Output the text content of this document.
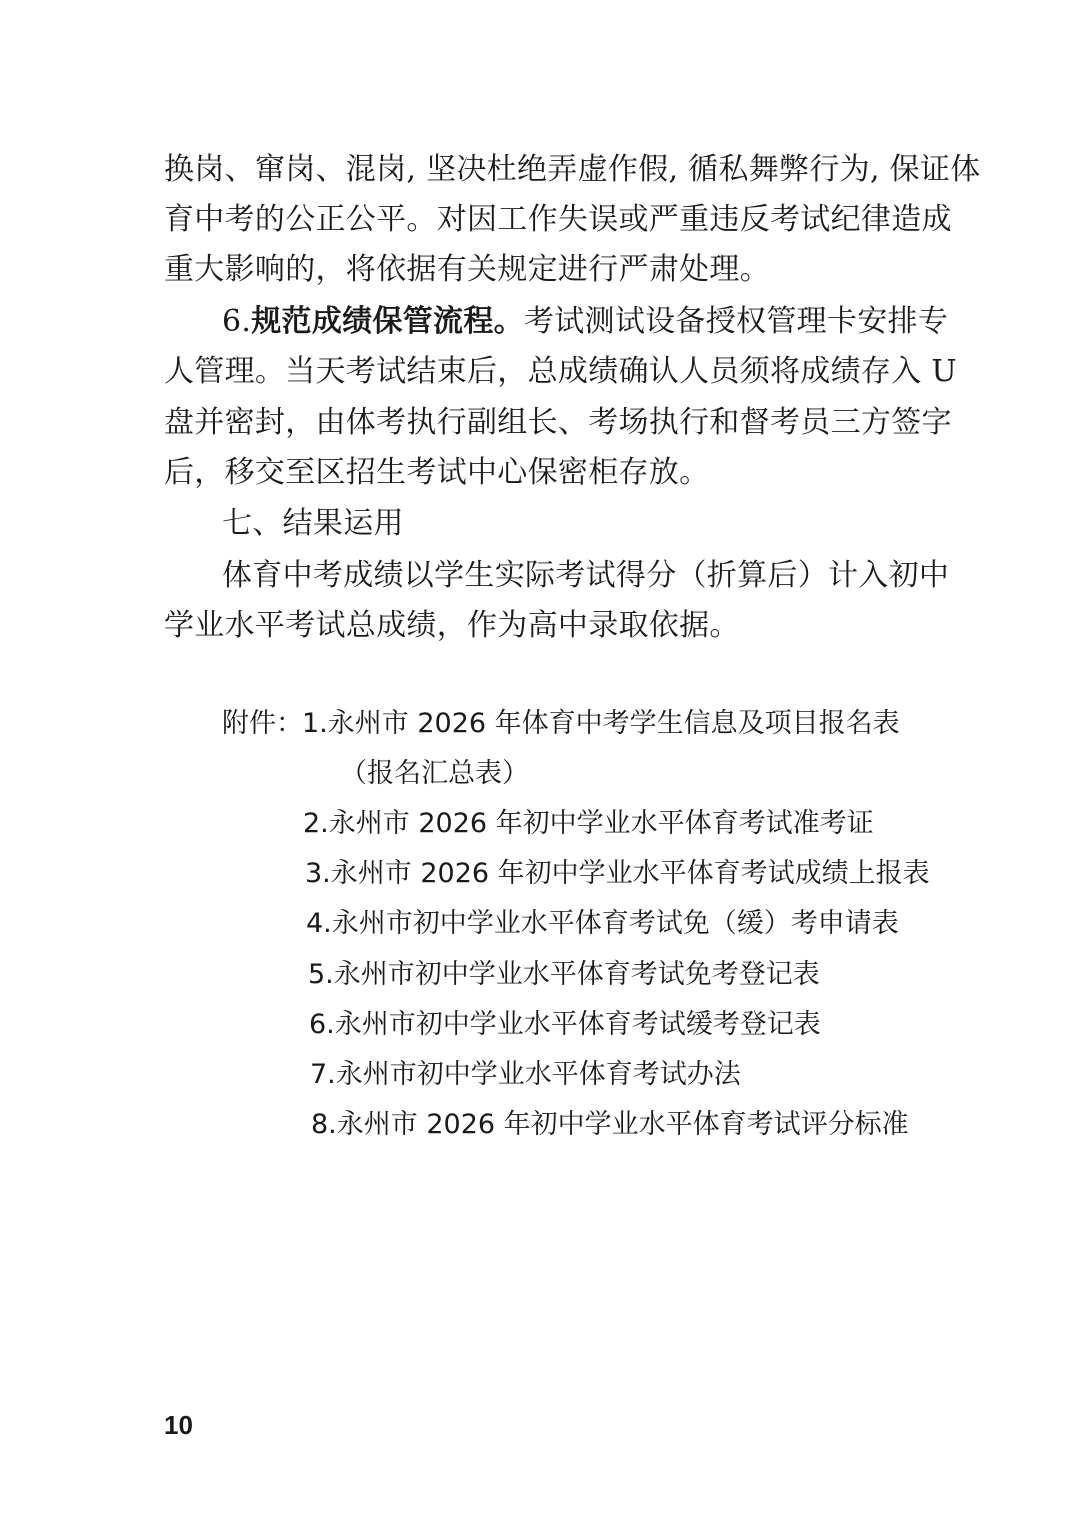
换岗、窜岗、混岗, 坚决杜绝弄虚作假, 循私舞弊行为, 保证体
育中考的公正公平。对因工作失误或严重违反考试纪律造成
重大影响的，将依据有关规定进行严肃处理。
6.规范成绩保管流程。考试测试设备授权管理卡安排专
人管理。当天考试结束后，总成绩确认人员须将成绩存入 U
盘并密封，由体考执行副组长、考场执行和督考员三方签字
后，移交至区招生考试中心保密柜存放。
七、结果运用
体育中考成绩以学生实际考试得分（折算后）计入初中
学业水平考试总成绩，作为高中录取依据。
附件： 1.永州市 2026 年体育中考学生信息及项目报名表
（报名汇总表）
2.永州市 2026 年初中学业水平体育考试准考证
3.永州市 2026 年初中学业水平体育考试成绩上报表
4.永州市初中学业水平体育考试免（缓）考申请表
5.永州市初中学业水平体育考试免考登记表
6.永州市初中学业水平体育考试缓考登记表
7.永州市初中学业水平体育考试办法
8.永州市 2026 年初中学业水平体育考试评分标准
10
